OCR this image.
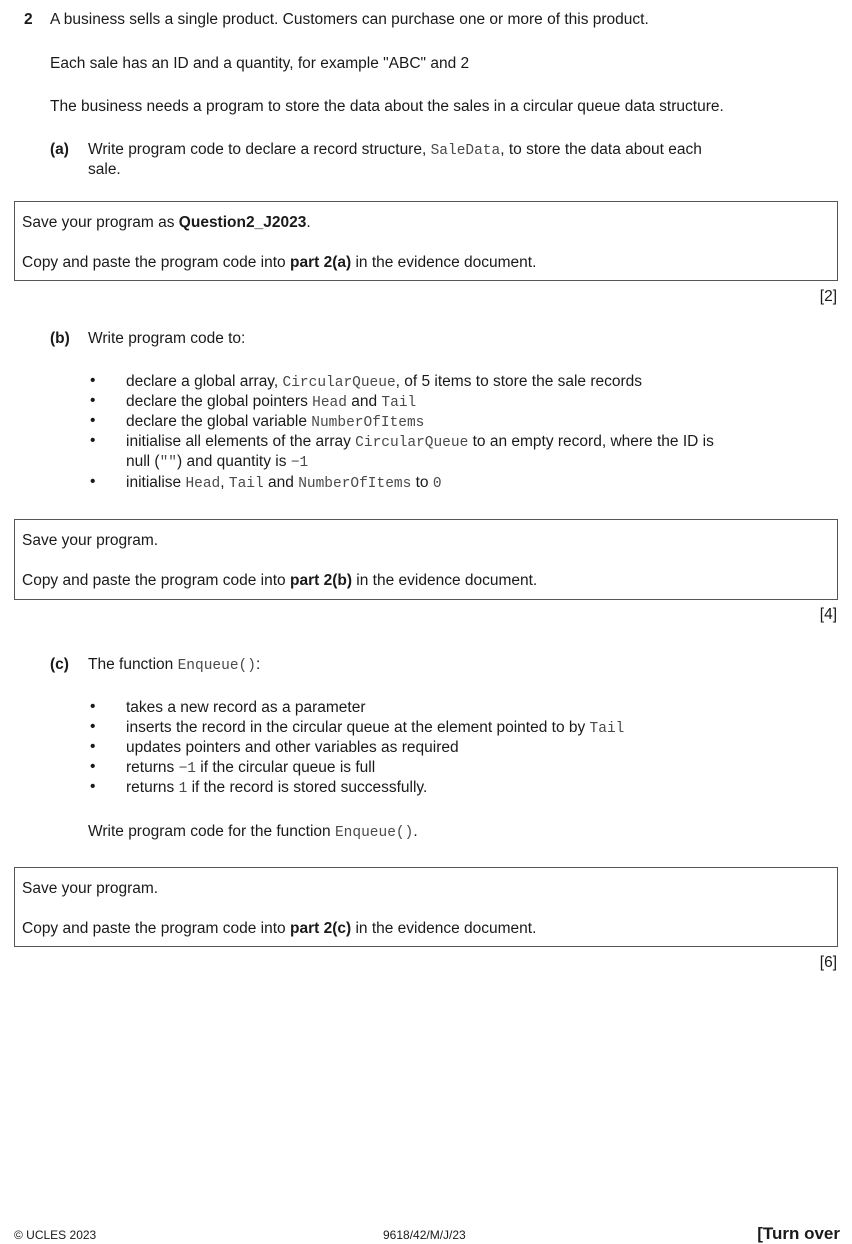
2 A business sells a single product. Customers can purchase one or more of this product.
Each sale has an ID and a quantity, for example "ABC" and 2
The business needs a program to store the data about the sales in a circular queue data structure.
(a) Write program code to declare a record structure, SaleData, to store the data about each
sale.
Save your program as Question2_J2023.
Copy and paste the program code into part 2(a) in the evidence document.
[2]
(b) Write program code to:
• declare a global array, CircularQueue, of 5 items to store the sale records
• declare the global pointers Head and Tail
• declare the global variable NumberOfItems
• initialise all elements of the array CircularQueue to an empty record, where the ID is
null ("") and quantity is −1
• initialise Head, Tail and NumberOfItems to 0
Save your program.
Copy and paste the program code into part 2(b) in the evidence document.
[4]
(c) The function Enqueue():
• takes a new record as a parameter
• inserts the record in the circular queue at the element pointed to by Tail
• updates pointers and other variables as required
• returns −1 if the circular queue is full
• returns 1 if the record is stored successfully.
Write program code for the function Enqueue().
Save your program.
Copy and paste the program code into part 2(c) in the evidence document.
[6]
© UCLES 2023	9618/42/M/J/23	[Turn over
